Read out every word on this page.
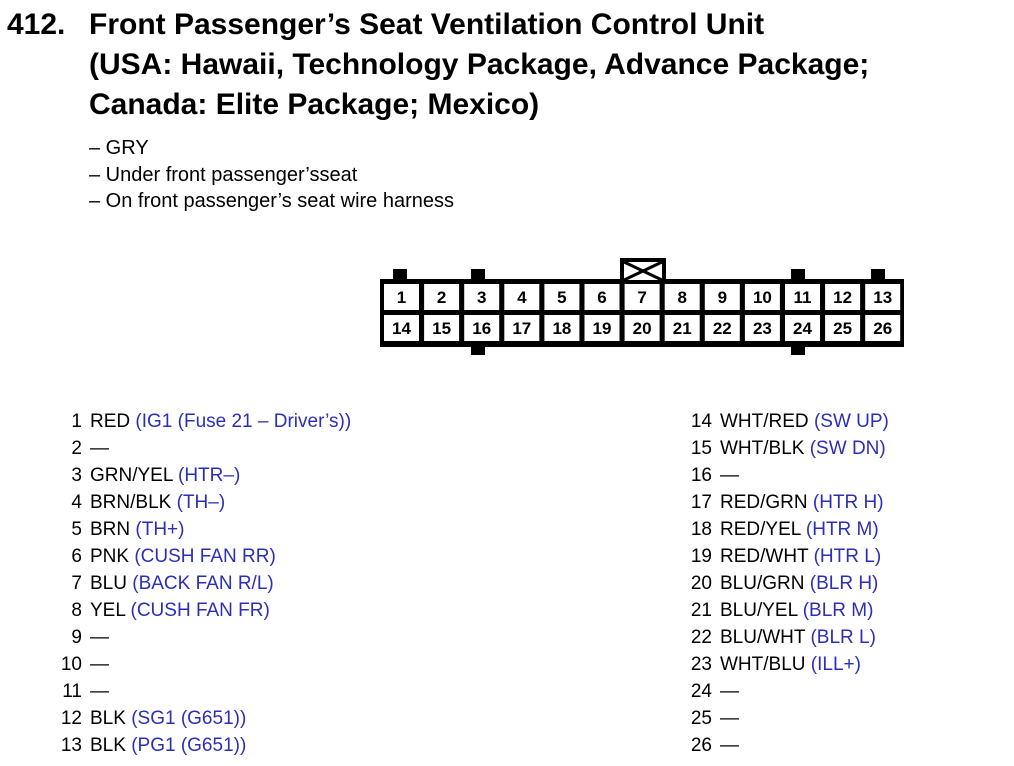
412. Front Passenger’s Seat Ventilation Control Unit
(USA: Hawaii, Technology Package, Advance Package;
Canada: Elite Package; Mexico)
– GRY
– Under front passenger’sseat
– On front passenger’s seat wire harness
1 2 3 4 5 6 7 8 9 10 11 12 13
14 15 16 17 18 19 20 21 22 23 24 25 26
1 RED (IG1 (Fuse 21 – Driver’s))
2 —
3 GRN/YEL (HTR–)
4 BRN/BLK (TH–)
5 BRN (TH+)
6 PNK (CUSH FAN RR)
7 BLU (BACK FAN R/L)
8 YEL (CUSH FAN FR)
9 —
10 —
11 —
12 BLK (SG1 (G651))
13 BLK (PG1 (G651))
14 WHT/RED (SW UP)
15 WHT/BLK (SW DN)
16 —
17 RED/GRN (HTR H)
18 RED/YEL (HTR M)
19 RED/WHT (HTR L)
20 BLU/GRN (BLR H)
21 BLU/YEL (BLR M)
22 BLU/WHT (BLR L)
23 WHT/BLU (ILL+)
24 —
25 —
26 —
